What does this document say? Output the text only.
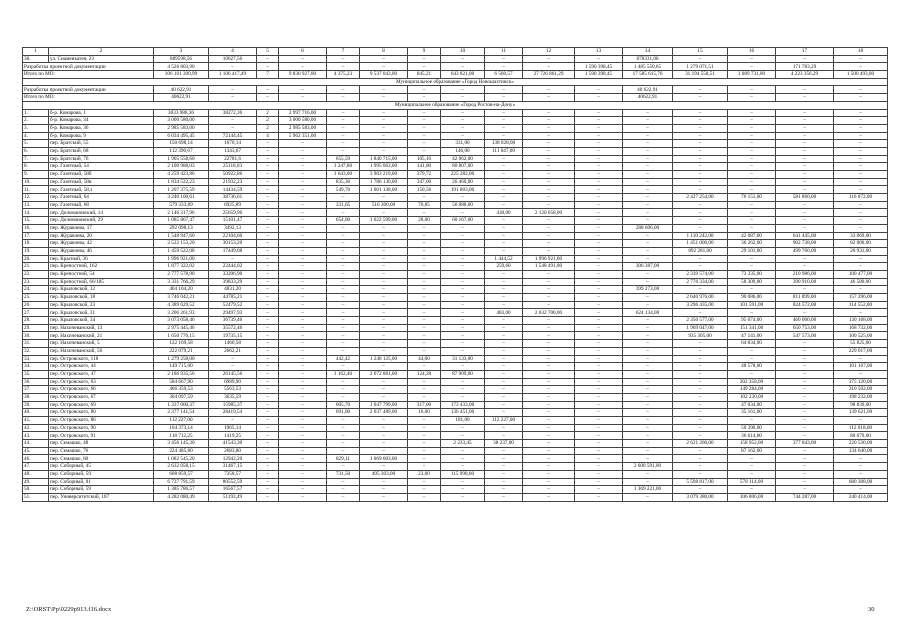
1	2	3	4	5	6	7	8	9	10	11	12	13	14	15	16	17	18
38.	ул. Снаменкатея, 23	889598,56	10627,56	–	–	–	–	–	–	–	–	–	878331,00	–	–	–	–
Разработка проектной документации		4 526 803,90	–	–	–	–	–	–	–	–	–	1 590 398,45	1 485 550,65	1 279 071,51	–	171 783,29	–
Итого по МО:		106 101 200,99	1 106 417,49	7	9 830 927,00	4 375,23	9 537 043,00	845,21	643 821,00	6 560,57	27 726 861,29	1 590 398,45	17 585 615,76	31 194 558,51	1 089 731,00	4 223 356,29	1 500 493,00
Муниципальное образование «Город Новошахтинск»																	
Разработка проектной документации		40 622,91	–	–	–	–	–	–	–	–	–	–	40 622,91	–	–	–	–
Итого по МО:		40622,91	–	–	–	–	–	–	–	–	–	–	40622,91	–	–	–	–
Муниципальное образование «Город Ростов-на-Дону»																	
1.	б-р. Комарова, 1	3033 988,36	38272,36	2	2 997 716,00	–	–	–	–	–	–	–	–	–	–	–	–
2.	б-р. Комарова, 34	3 000 580,00	–	2	3 000 580,00	–	–	–	–	–	–	–	–	–	–	–	–
3.	б-р. Комарова, 36	2 985 583,00	–	2	2 985 583,00	–	–	–	–	–	–	–	–	–	–	–	–
4.	б-р. Комарова, 9	6 034 495,45	72144,45	4	5 962 351,00	–	–	–	–	–	–	–	–	–	–	–	–
5.	пер. Братский, 55	150 698,14	1670,14	–	–	–	–	–	331,00	138 028,00	–	–	–	–	–	–	–
6.	пер. Братский, 68	112 390,67	1343,67	–	–	–	–	–	146,00	111 047,00	–	–	–	–	–	–	–
7.	пер. Братский, 76	1 905 558,60	22781,6	–	–	655,59	1 840 715,00	105,10	42 062,00	–	–	–	–	–	–	–	–
8.	пер. Газетный, 54	2 100 988,03	25118,03	–	–	1 247,80	1 995 063,00	141,80	80 807,00	–	–	–	–	–	–	–	–
9.	пер. Газетный, 58б	4 259 423,86	50922,86	–	–	1 643,00	3 983 219,00	379,72	225 282,00	–	–	–	–	–	–	–	–
10.	пер. Газетный, 58в	1 834 522,23	21932,23	–	–	835,30	1 786 130,00	347,00	26 460,00	–	–	–	–	–	–	–	–
11.	пер. Газетный, 58,з	1 207 375,59	14434,59	–	–	549,70	1 001 138,00	150,56	191 803,00	–	–	–	–	–	–	–	–
12.	пер. Газетный, 64	3 240 100,61	38736,61	–	–	–	–	–	–	–	–	–	–	2 427 254,00	76 151,00	581 866,00	116 072,00
13.	пер. Газетный, 68	579 333,89	6925,89	–	–	331,65	516 300,00	76,85	56 088,00	–	–	–	–	–	–	–	–
14.	пер. Доломановский, 14	2 146 317,96	25659,96	–	–	–	–	–	–	438,00	2 120 658,00	–	–	–	–	–	–
15.	пер. Доломановский, 29	1 085 867,47	15101,47	–	–	654,00	1 022 599,00	28,00	60 167,00	–	–	–	–	–	–	–	–
16.	пер. Журавлева, 17	292 098,13	3492,13	–	–	–	–	–	–	–	–	–	288 606,00	–	–	–	–
17.	пер. Журавлева, 20	1 548 947,60	22104,60	–	–	–	–	–	–	–	–	–	–	1 110 242,00	42 087,00	641 445,00	33 069,00
18.	пер. Журавлева, 42	2 522 153,20	30153,20	–	–	–	–	–	–	–	–	–	–	1 451 000,00	36 262,00	902 738,00	82 000,00
19.	пер. Журавлева, 46	1 459 522,08	17449,08	–	–	–	–	–	–	–	–	–	–	892 281,00	29 101,00	499 760,00	20 931,00
20.	пер. Красный, 36	1 996 921,00	–	–	–	–	–	–	–	1 444,52	1 996 921,00	–	–	–	–	–	–
21.	пер. Крепостной, 162	1 877 322,02	22444,02	–	–	–	–	–	–	259,60	1 548 491,00	–	306 387,00	–	–	–	–
22.	пер. Крепостной, 54	2 777 578,90	33206,90	–	–	–	–	–	–	–	–	–	–	2 339 574,00	73 335,00	210 986,00	100 477,00
23.	пер. Крепостной, 66/185	3 331 766,29	39833,29	–	–	–	–	–	–	–	–	–	–	2 776 334,00	58 309,00	390 910,00	46 580,00
24.	пер. Крыловской, 12	404 104,20	4831,20	–	–	–	–	–	–	–	–	–	399 273,00	–	–	–	–
25.	пер. Крыловской, 18	3 746 042,21	44785,21	–	–	–	–	–	–	–	–	–	–	2 640 976,00	90 086,00	811 899,00	157 296,00
26.	пер. Крыловской, 23	4 389 629,52	52479,52	–	–	–	–	–	–	–	–	–	–	3 296 435,00	101 591,00	824 572,00	114 552,00
27.	пер. Крыловской, 31	3 206 261,93	29497,93	–	–	–	–	–	–	483,00	2 632 700,00	–	624 134,00	–	–	–	–
28.	пер. Крыловской, 34	3 073 058,46	36739,46	–	–	–	–	–	–	–	–	–	–	2 350 577,00	95 074,00	460 000,00	130 168,00
29.	пер. Нахичеванский, 13	2 975 445,46	35572,46	–	–	–	–	–	–	–	–	–	–	1 969 047,00	151 341,00	650 753,00	168 732,00
30.	пер. Нахичеванский, 21	1 650 776,15	19735,15	–	–	–	–	–	–	–	–	–	–	935 305,00	47 141,00	547 573,00	100 525,00
31.	пер. Нахичеванский, 5	122 169,58	1460,58	–	–	–	–	–	–	–	–	–	–	–	64 834,00	–	55 825,00
32.	пер. Нахичеванский, 56	222 079,21	2662,21	–	–	–	–	–	–	–	–	–	–	–	–	–	229 017,00
33.	пер. Островского, 118	1 279 258,00	–	–	–	442,42	1 248 125,00	44,00	31 133,00	–	–	–	–	–	–	–	–
34.	пер. Островского, 44	149 715,00	–	–	–	–	–	–	–	–	–	–	–	–	48 578,00	–	101 167,00
35.	пер. Островского, 47	2 186 935,56	26145,56	–	–	1 162,40	2 072 881,00	124,28	87 909,00	–	–	–	–	–	–	–	–
36.	пер. Островского, 63	584 667,90	6989,90	–	–	–	–	–	–	–	–	–	–	–	202 358,00	–	375 120,00
37.	пер. Островского, 66	466 359,53	5563,53	–	–	–	–	–	–	–	–	–	–	–	149 284,00	–	310 502,00
38.	пер. Островского, 67	304 097,59	3635,59	–	–	–	–	–	–	–	–	–	–	–	102 230,00	–	198 232,00
39.	пер. Островского, 69	1 337 000,37	15985,37	–	–	605,70	1 047 799,00	317,00	173 433,00	–	–	–	–	–	47 034,00	–	98 839,00
40.	пер. Островского, 80	2 377 141,54	28419,54	–	–	691,00	2 037 489,00	16,00	136 451,00	–	–	–	–	–	35 161,00	–	139 621,00
41.	пер. Островского, 86	112 227,00	–	–	–	–	–	–	181,00	112 227,00	–	–	–	–	–	–	–
42.	пер. Островского, 90	164 373,14	1965,14	–	–	–	–	–	–	–	–	–	–	–	50 390,00	–	112 018,00
43.	пер. Островского, 91	118 712,25	1419,25	–	–	–	–	–	–	–	–	–	–	–	36 614,00	–	80 679,00
44.	пер. Семашко, 48	3 456 145,30	41543,30	–	–	–	–	–	2 233,45	38 237,00	–	–	–	2 621 260,00	158 952,00	377 843,00	220 530,00
45.	пер. Семашко, 76	224 485,80	2683,80	–	–	–	–	–	–	–	–	–	–	–	87 162,00	–	134 640,00
46.	пер. Семашко, 80	1 082 545,20	12942,20	–	–	829,11	1 069 603,00	–	–	–	–	–	–	–	–	–	–
47.	пер. Соборный, 45	2 632 058,15	31467,15	–	–	–	–	–	–	–	–	–	2 600 591,00	–	–	–	–
48.	пер. Соборный, 59	608 859,57	7358,57	–	–	731,50	495 303,00	23,00	115 998,00	–	–	–	–	–	–	–	–
49.	пер. Соборный, 81	6 737 791,59	80552,59	–	–	–	–	–	–	–	–	–	–	5 598 817,00	578 114,00	–	680 308,00
50.	пер. Соборный, 59	1 385 786,57	16567,57	–	–	–	–	–	–	–	–	–	1 369 221,00	–	–	–	–
51.	пер. Университетский, 107	4 282 080,49	51193,49	–	–	–	–	–	–	–	–	–	–	3 079 380,00	106 806,00	744 287,00	240 414,00
Z:\ORST\Pp\0229p913.f16.docx	30
